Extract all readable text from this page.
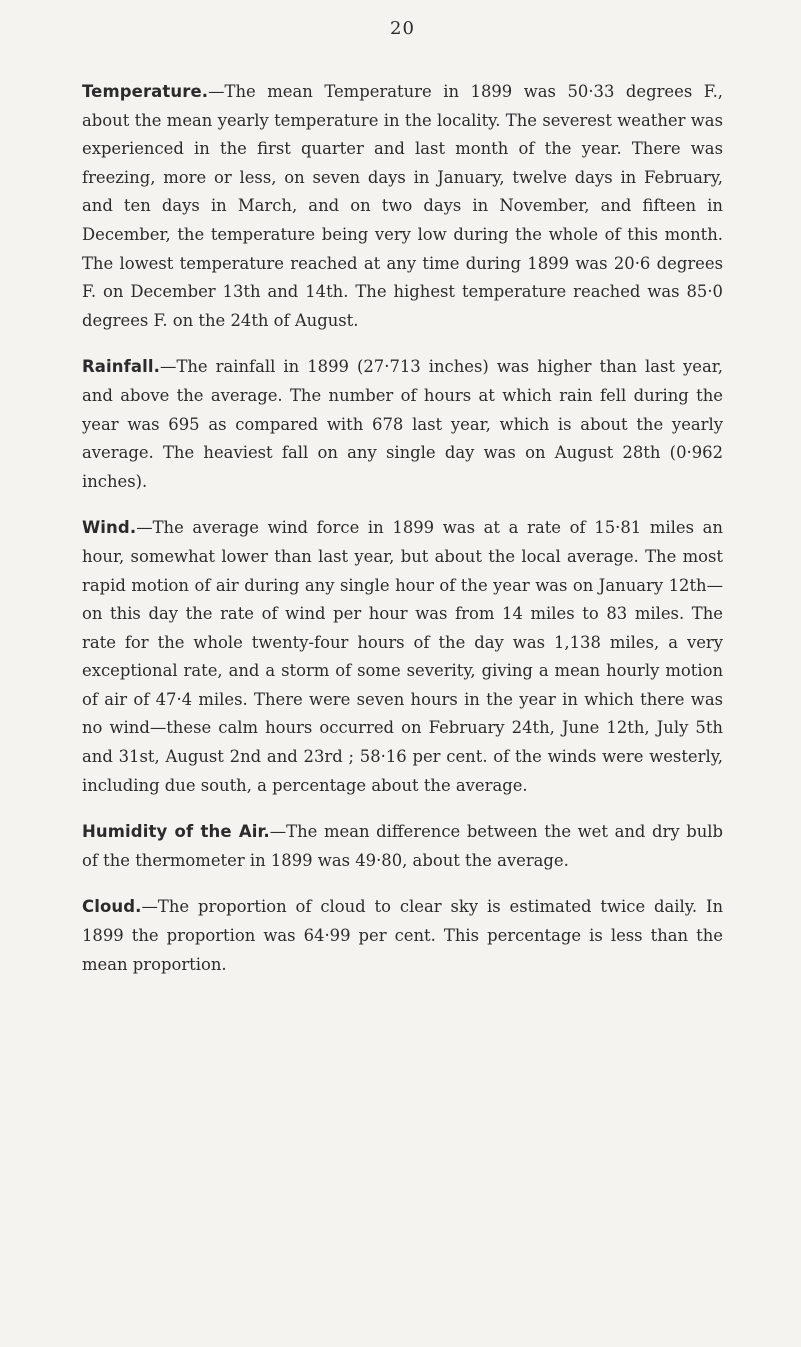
20

Temperature.—The mean Temperature in 1899 was 50·33 degrees F., about the mean yearly temperature in the locality. The severest weather was experienced in the first quarter and last month of the year. There was freezing, more or less, on seven days in January, twelve days in February, and ten days in March, and on two days in November, and fifteen in December, the temperature being very low during the whole of this month. The lowest temperature reached at any time during 1899 was 20·6 degrees F. on December 13th and 14th. The highest temperature reached was 85·0 degrees F. on the 24th of August.

Rainfall.—The rainfall in 1899 (27·713 inches) was higher than last year, and above the average. The number of hours at which rain fell during the year was 695 as compared with 678 last year, which is about the yearly average. The heaviest fall on any single day was on August 28th (0·962 inches).

Wind.—The average wind force in 1899 was at a rate of 15·81 miles an hour, somewhat lower than last year, but about the local average. The most rapid motion of air during any single hour of the year was on January 12th—on this day the rate of wind per hour was from 14 miles to 83 miles. The rate for the whole twenty-four hours of the day was 1,138 miles, a very exceptional rate, and a storm of some severity, giving a mean hourly motion of air of 47·4 miles. There were seven hours in the year in which there was no wind—these calm hours occurred on February 24th, June 12th, July 5th and 31st, August 2nd and 23rd ; 58·16 per cent. of the winds were westerly, including due south, a percentage about the average.

Humidity of the Air.—The mean difference between the wet and dry bulb of the thermometer in 1899 was 49·80, about the average.

Cloud.—The proportion of cloud to clear sky is estimated twice daily. In 1899 the proportion was 64·99 per cent. This percentage is less than the mean proportion.
